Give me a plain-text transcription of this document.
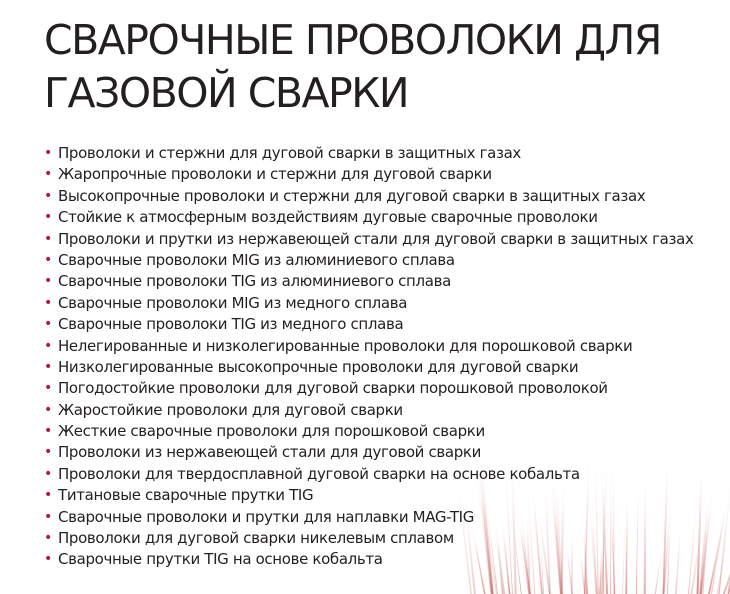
СВАРОЧНЫЕ ПРОВОЛОКИ ДЛЯ
ГАЗОВОЙ СВАРКИ
• Проволоки и стержни для дуговой сварки в защитных газах
• Жаропрочные проволоки и стержни для дуговой сварки
• Высокопрочные проволоки и стержни для дуговой сварки в защитных газах
• Стойкие к атмосферным воздействиям дуговые сварочные проволоки
• Проволоки и прутки из нержавеющей стали для дуговой сварки в защитных газах
• Сварочные проволоки MIG из алюминиевого сплава
• Сварочные проволоки TIG из алюминиевого сплава
• Сварочные проволоки MIG из медного сплава
• Сварочные проволоки TIG из медного сплава
• Нелегированные и низколегированные проволоки для порошковой сварки
• Низколегированные высокопрочные проволоки для дуговой сварки
• Погодостойкие проволоки для дуговой сварки порошковой проволокой
• Жаростойкие проволоки для дуговой сварки
• Жесткие сварочные проволоки для порошковой сварки
• Проволоки из нержавеющей стали для дуговой сварки
• Проволоки для твердосплавной дуговой сварки на основе кобальта
• Титановые сварочные прутки TIG
• Сварочные проволоки и прутки для наплавки MAG-TIG
• Проволоки для дуговой сварки никелевым сплавом
• Сварочные прутки TIG на основе кобальта
